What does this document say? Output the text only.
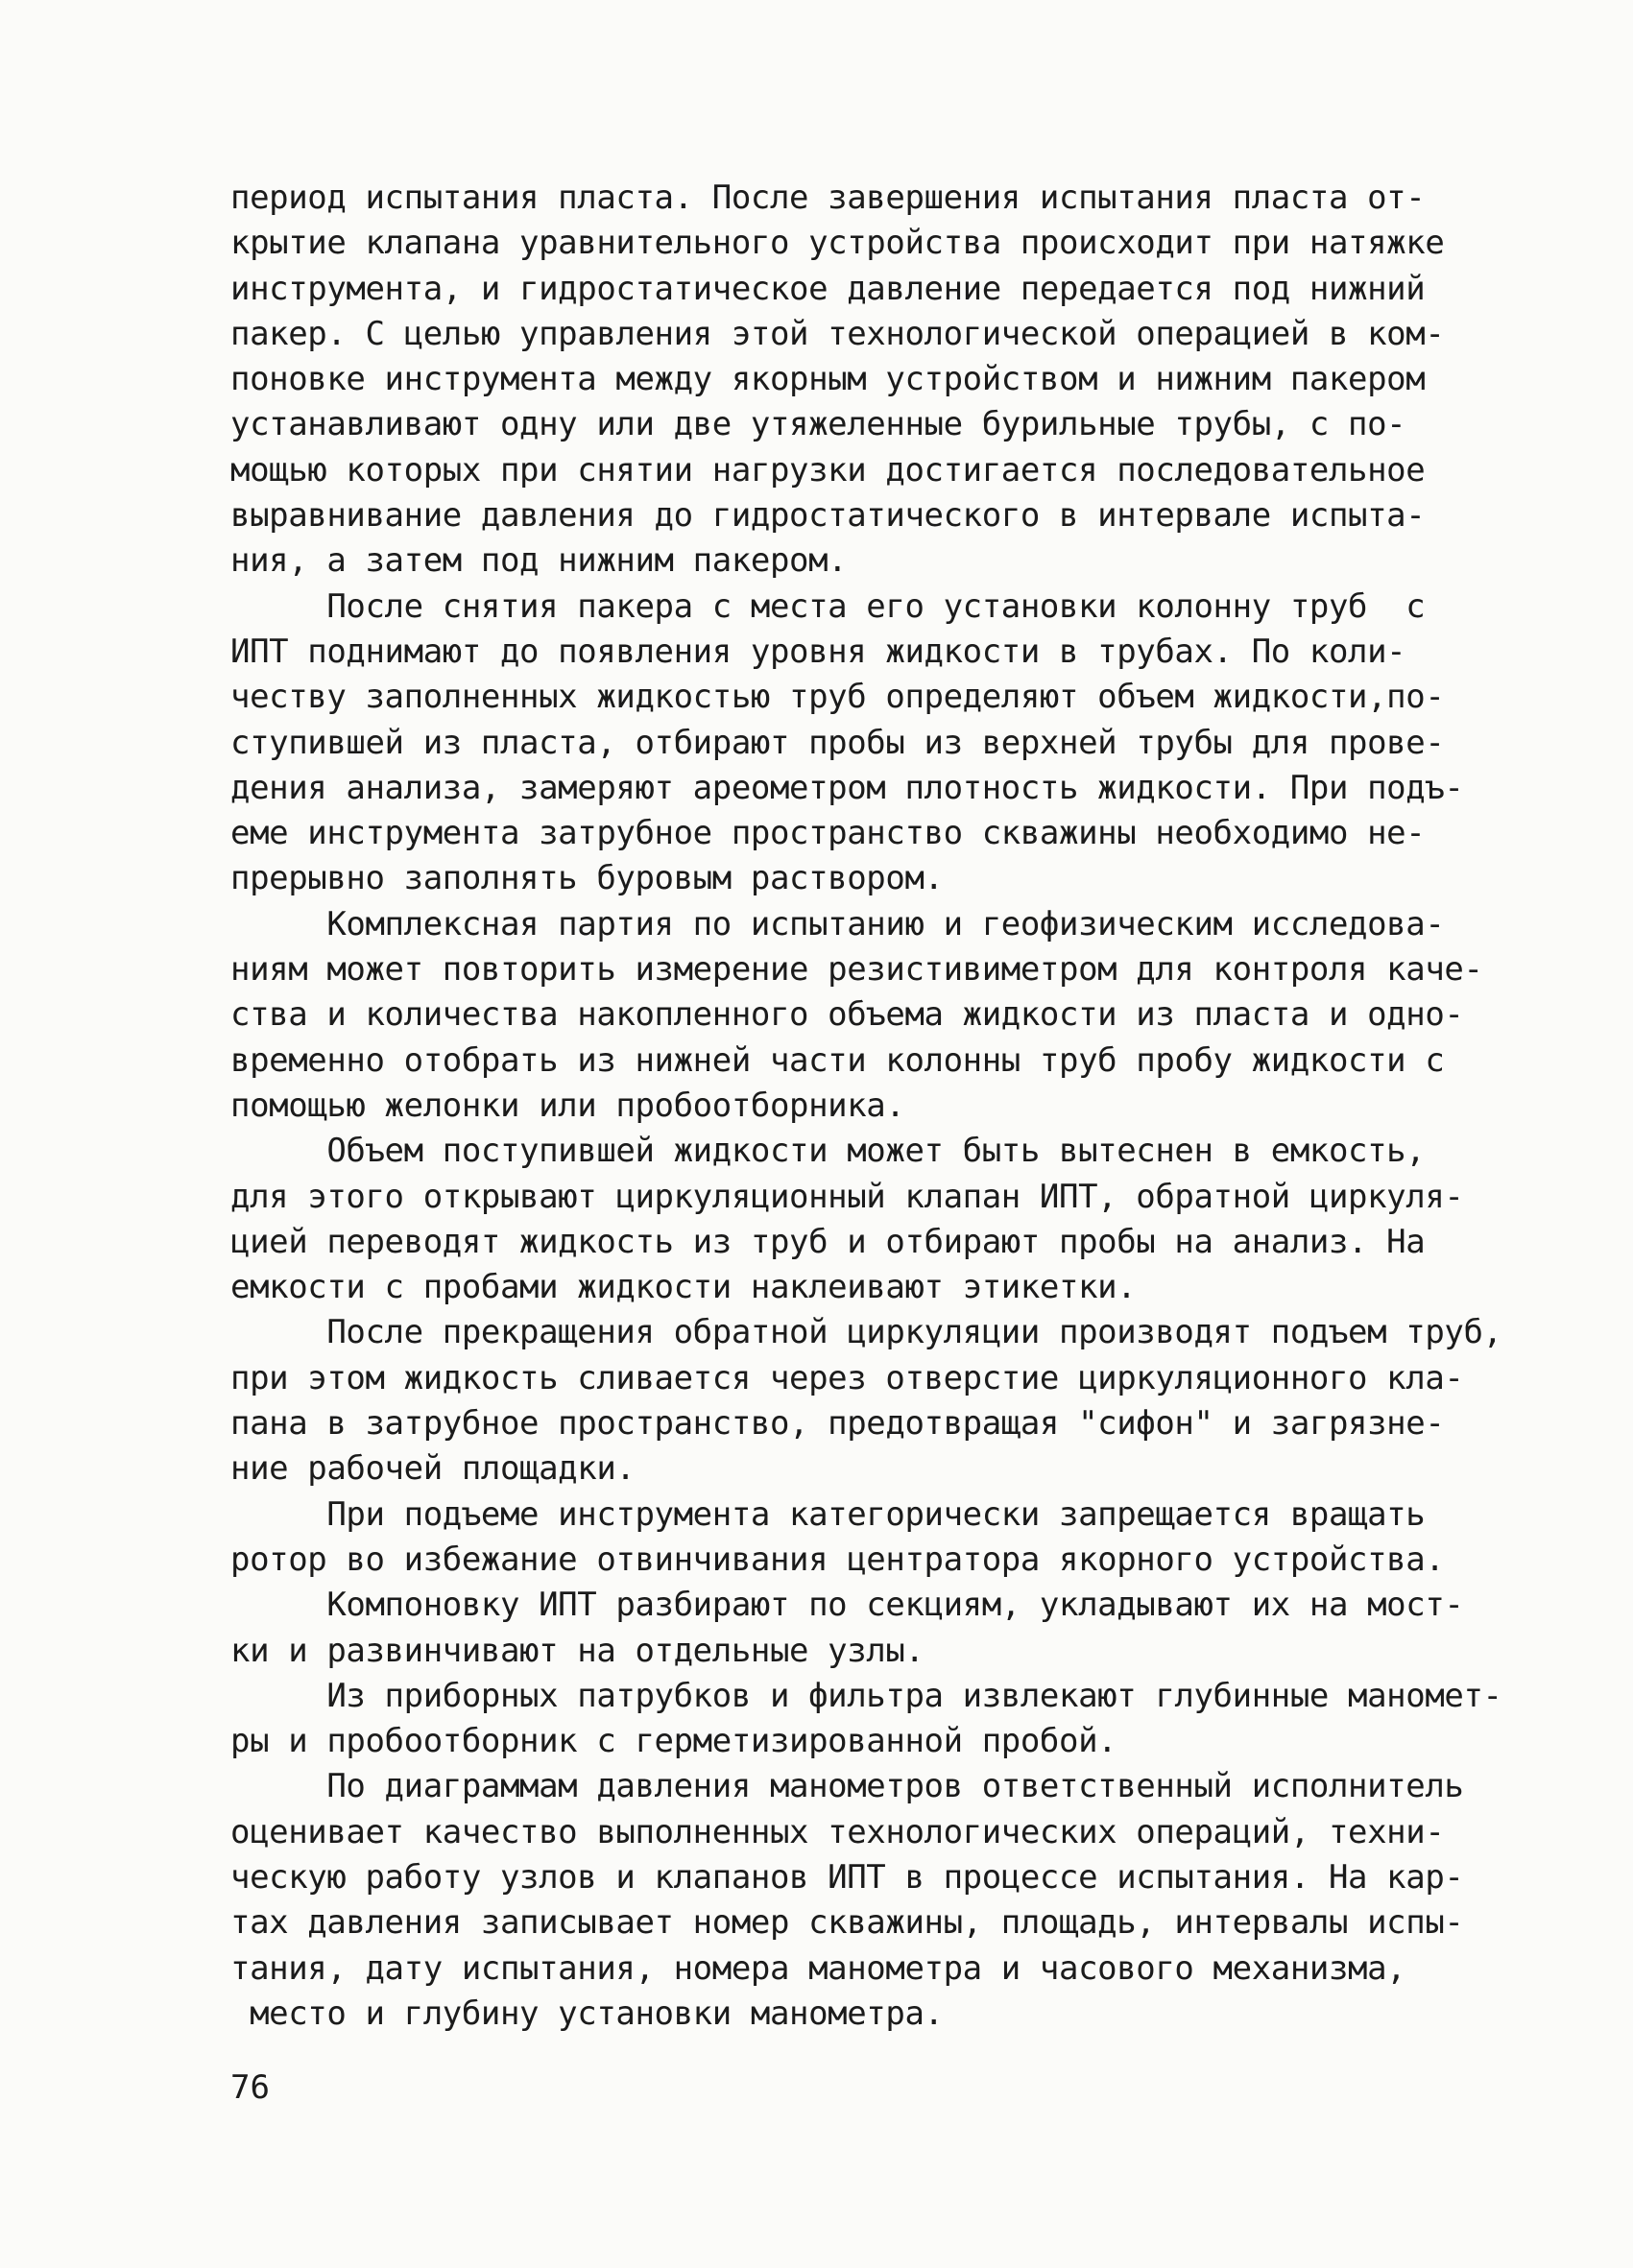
период испытания пласта. После завершения испытания пласта от-
крытие клапана уравнительного устройства происходит при натяжке
инструмента, и гидростатическое давление передается под нижний
пакер. С целью управления этой технологической операцией в ком-
поновке инструмента между якорным устройством и нижним пакером
устанавливают одну или две утяжеленные бурильные трубы, с по-
мощью которых при снятии нагрузки достигается последовательное
выравнивание давления до гидростатического в интервале испыта-
ния, а затем под нижним пакером.
После снятия пакера с места его установки колонну труб  с
ИПТ поднимают до появления уровня жидкости в трубах. По коли-
честву заполненных жидкостью труб определяют объем жидкости,по-
ступившей из пласта, отбирают пробы из верхней трубы для прове-
дения анализа, замеряют ареометром плотность жидкости. При подъ-
еме инструмента затрубное пространство скважины необходимо не-
прерывно заполнять буровым раствором.
Комплексная партия по испытанию и геофизическим исследова-
ниям может повторить измерение резистивиметром для контроля каче-
ства и количества накопленного объема жидкости из пласта и одно-
временно отобрать из нижней части колонны труб пробу жидкости с
помощью желонки или пробоотборника.
Объем поступившей жидкости может быть вытеснен в емкость,
для этого открывают циркуляционный клапан ИПТ, обратной циркуля-
цией переводят жидкость из труб и отбирают пробы на анализ. На
емкости с пробами жидкости наклеивают этикетки.
После прекращения обратной циркуляции производят подъем труб,
при этом жидкость сливается через отверстие циркуляционного кла-
пана в затрубное пространство, предотвращая "сифон" и загрязне-
ние рабочей площадки.
При подъеме инструмента категорически запрещается вращать
ротор во избежание отвинчивания центратора якорного устройства.
Компоновку ИПТ разбирают по секциям, укладывают их на мост-
ки и развинчивают на отдельные узлы.
Из приборных патрубков и фильтра извлекают глубинные маномет-
ры и пробоотборник с герметизированной пробой.
По диаграммам давления манометров ответственный исполнитель
оценивает качество выполненных технологических операций, техни-
ческую работу узлов и клапанов ИПТ в процессе испытания. На кар-
тах давления записывает номер скважины, площадь, интервалы испы-
тания, дату испытания, номера манометра и часового механизма,
место и глубину установки манометра.
76
